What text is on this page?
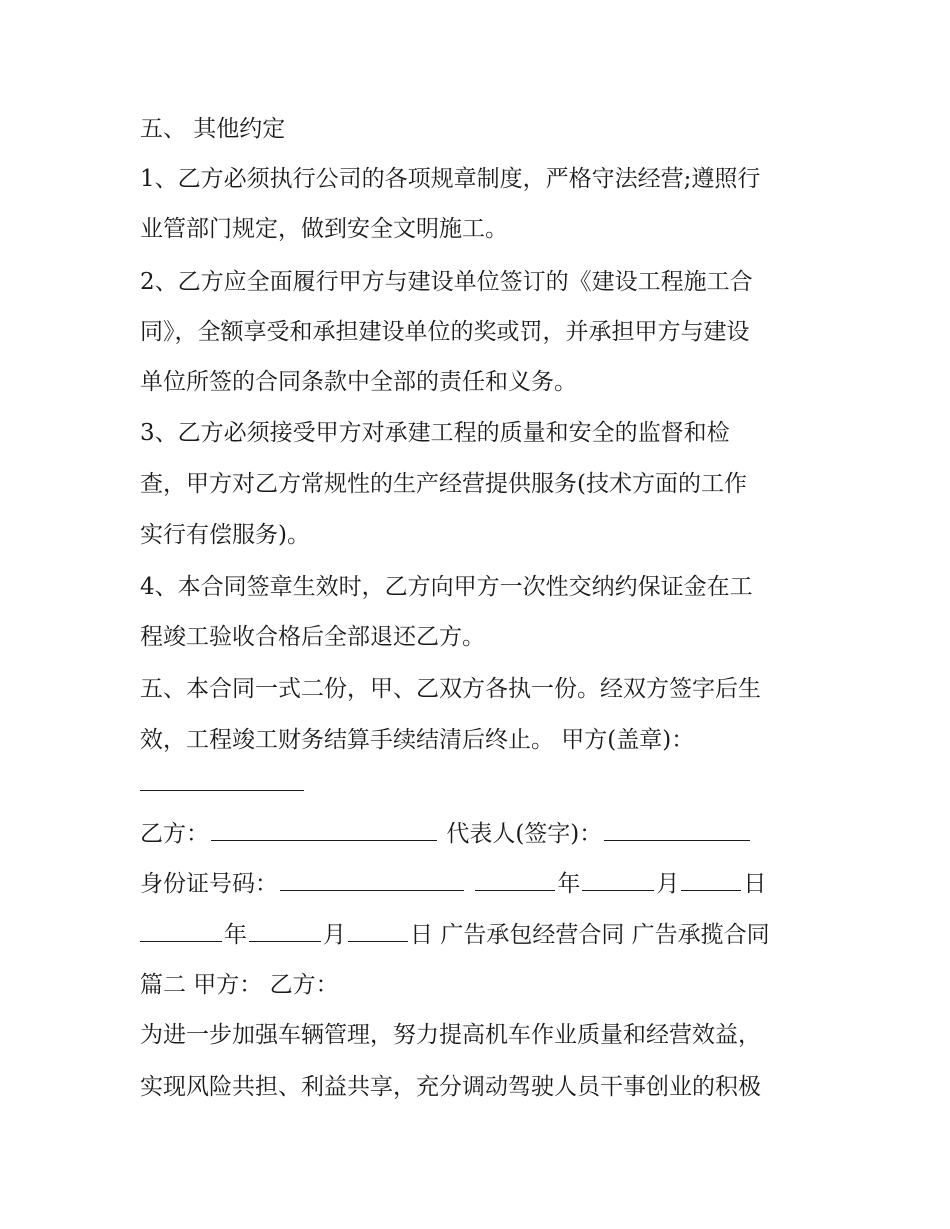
五、 其他约定
1、乙方必须执行公司的各项规章制度，严格守法经营;遵照行
业管部门规定，做到安全文明施工。
2、乙方应全面履行甲方与建设单位签订的《建设工程施工合
同》，全额享受和承担建设单位的奖或罚，并承担甲方与建设
单位所签的合同条款中全部的责任和义务。
3、乙方必须接受甲方对承建工程的质量和安全的监督和检
查，甲方对乙方常规性的生产经营提供服务(技术方面的工作
实行有偿服务)。
4、本合同签章生效时，乙方向甲方一次性交纳约保证金在工
程竣工验收合格后全部退还乙方。
五、本合同一式二份，甲、乙双方各执一份。经双方签字后生
效，工程竣工财务结算手续结清后终止。 甲方(盖章)：
乙方：	代表人(签字)：
身份证号码：	年	月	日
年	月	日 广告承包经营合同 广告承揽合同
篇二 甲方： 乙方：
为进一步加强车辆管理，努力提高机车作业质量和经营效益，
实现风险共担、利益共享，充分调动驾驶人员干事创业的积极
